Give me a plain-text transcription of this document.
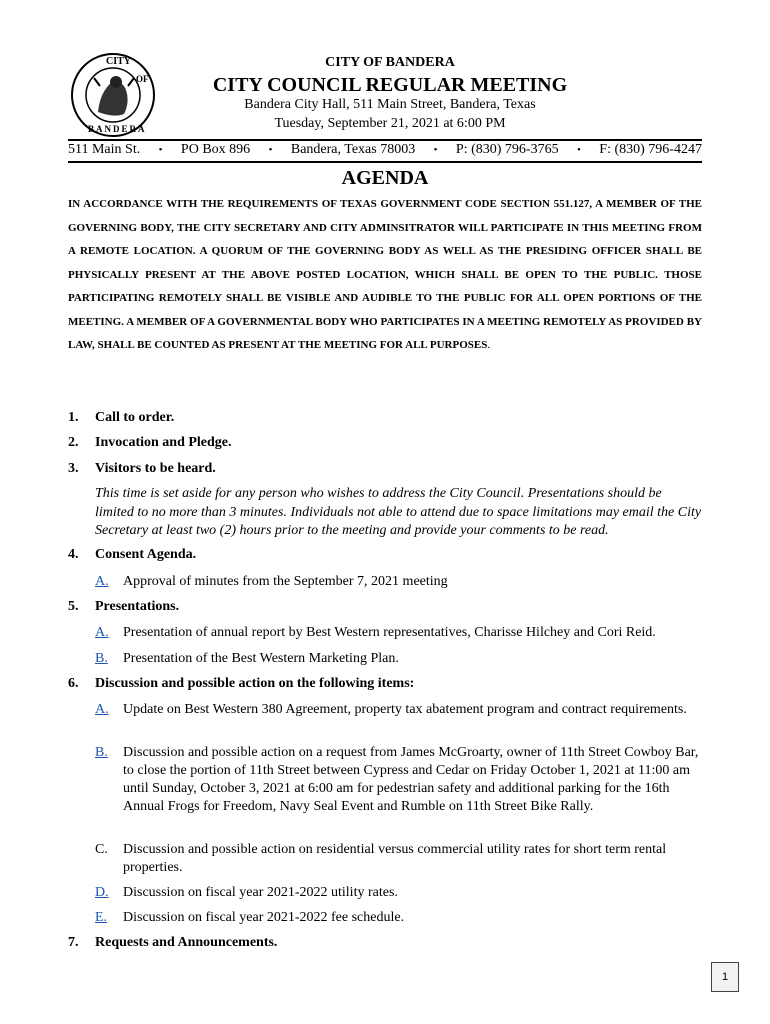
CITY
OF
BANDERA
CITY OF BANDERA
CITY COUNCIL REGULAR MEETING
Bandera City Hall, 511 Main Street, Bandera, Texas
Tuesday, September 21, 2021 at 6:00 PM
511 Main St. • PO Box 896 • Bandera, Texas 78003 • P: (830) 796-3765 • F: (830) 796-4247
AGENDA
IN ACCORDANCE WITH THE REQUIREMENTS OF TEXAS GOVERNMENT CODE SECTION 551.127, A MEMBER OF THE GOVERNING BODY, THE CITY SECRETARY AND CITY ADMINSITRATOR WILL PARTICIPATE IN THIS MEETING FROM A REMOTE LOCATION. A QUORUM OF THE GOVERNING BODY AS WELL AS THE PRESIDING OFFICER SHALL BE PHYSICALLY PRESENT AT THE ABOVE POSTED LOCATION, WHICH SHALL BE OPEN TO THE PUBLIC. THOSE PARTICIPATING REMOTELY SHALL BE VISIBLE AND AUDIBLE TO THE PUBLIC FOR ALL OPEN PORTIONS OF THE MEETING. A MEMBER OF A GOVERNMENTAL BODY WHO PARTICIPATES IN A MEETING REMOTELY AS PROVIDED BY LAW, SHALL BE COUNTED AS PRESENT AT THE MEETING FOR ALL PURPOSES.
1. Call to order.
2. Invocation and Pledge.
3. Visitors to be heard.
This time is set aside for any person who wishes to address the City Council. Presentations should be limited to no more than 3 minutes. Individuals not able to attend due to space limitations may email the City Secretary at least two (2) hours prior to the meeting and provide your comments to be read.
4. Consent Agenda.
A.	Approval of minutes from the September 7, 2021 meeting
5. Presentations.
A.	Presentation of annual report by Best Western representatives, Charisse Hilchey and Cori Reid.
B.	Presentation of the Best Western Marketing Plan.
6. Discussion and possible action on the following items:
A.	Update on Best Western 380 Agreement, property tax abatement program and contract requirements.
B.	Discussion and possible action on a request from James McGroarty, owner of 11th Street Cowboy Bar, to close the portion of 11th Street between Cypress and Cedar on Friday October 1, 2021 at 11:00 am until Sunday, October 3, 2021 at 6:00 am for pedestrian safety and additional parking for the 16th Annual Frogs for Freedom, Navy Seal Event and Rumble on 11th Street Bike Rally.
C.	Discussion and possible action on residential versus commercial utility rates for short term rental properties.
D.	Discussion on fiscal year 2021-2022 utility rates.
E.	Discussion on fiscal year 2021-2022 fee schedule.
7. Requests and Announcements.
1
